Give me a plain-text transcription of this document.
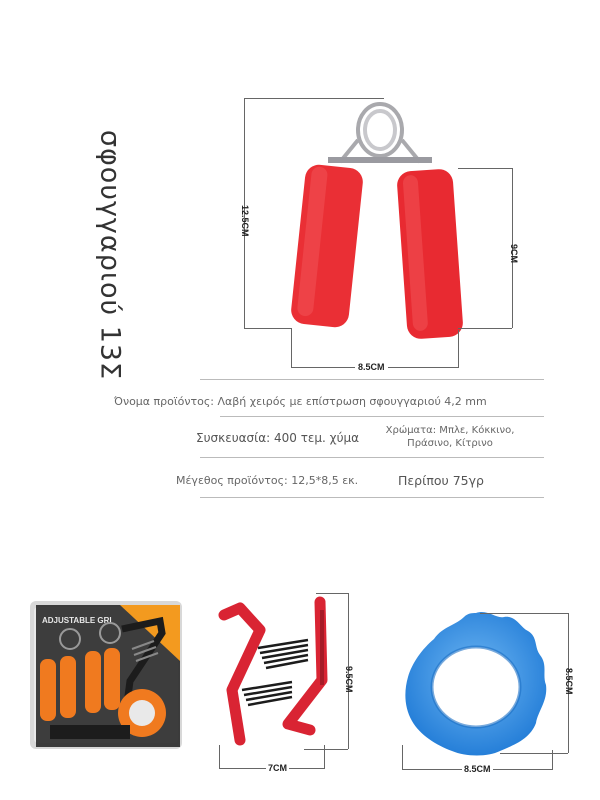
σφουγγαριού 13Σ	12.5CM
9CM
8.5CM
Όνομα προϊόντος: Λαβή χειρός με επίστρωση σφουγγαριού 4,2 mm
Συσκευασία: 400 τεμ. χύμα
Χρώματα: Μπλε, Κόκκινο,
Πράσινο, Κίτρινο
Μέγεθος προϊόντος: 12,5*8,5 εκ.	Περίπου 75γρ
ADJUSTABLE GRI
9.5CM
7CM
8.5CM
8.5CM
